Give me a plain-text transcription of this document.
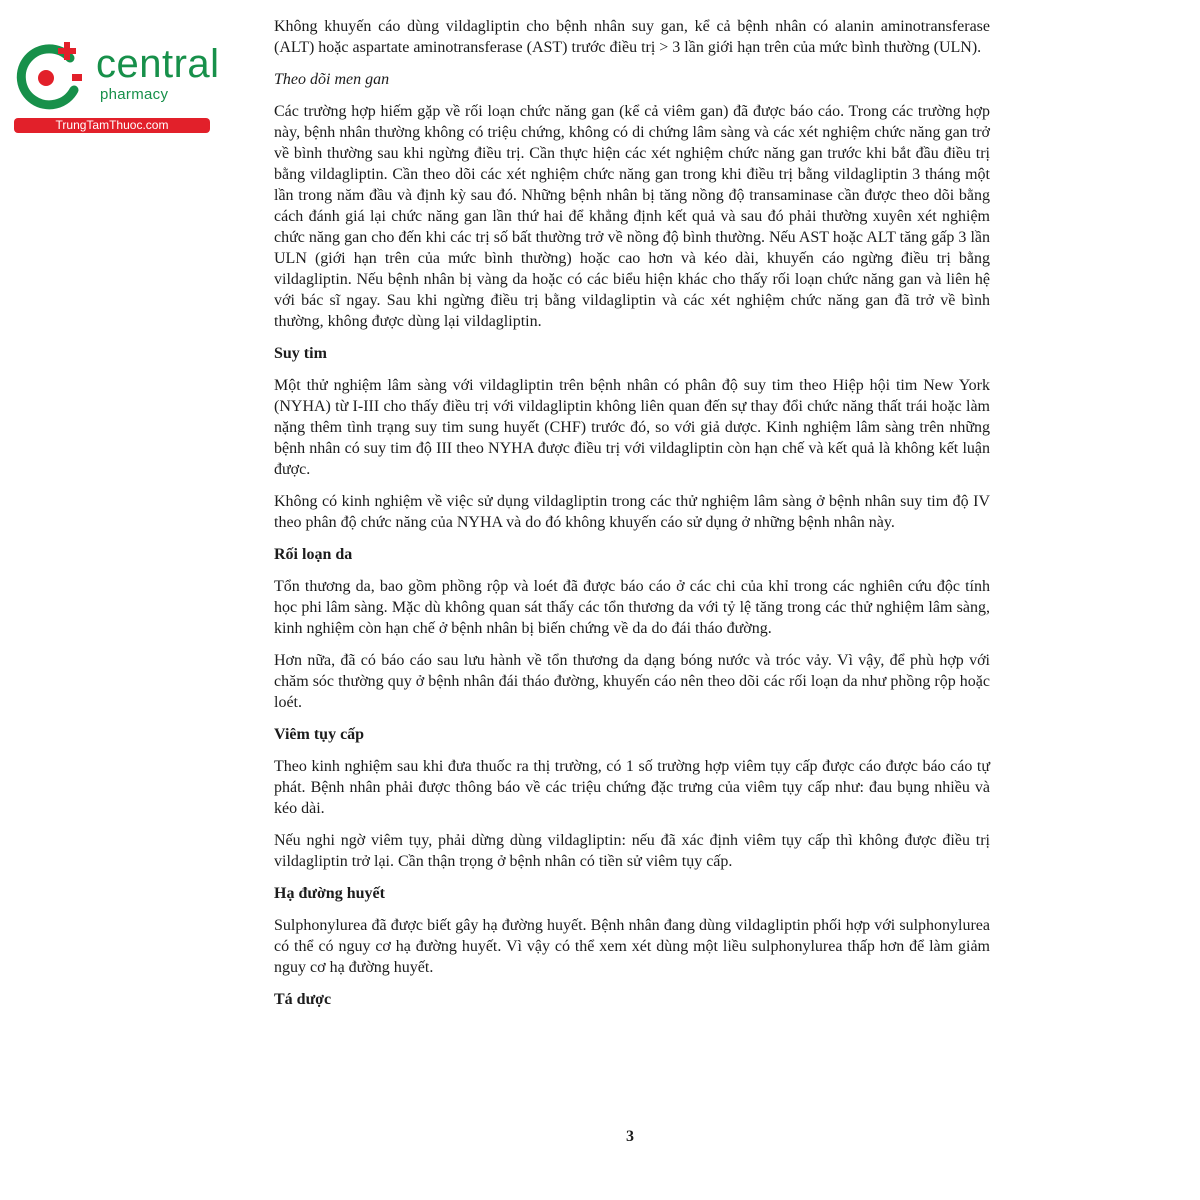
central
pharmacy
TrungTamThuoc.com

Không khuyến cáo dùng vildagliptin cho bệnh nhân suy gan, kể cả bệnh nhân có alanin aminotransferase (ALT) hoặc aspartate aminotransferase (AST) trước điều trị > 3 lần giới hạn trên của mức bình thường (ULN).

Theo dõi men gan

Các trường hợp hiếm gặp về rối loạn chức năng gan (kể cả viêm gan) đã được báo cáo. Trong các trường hợp này, bệnh nhân thường không có triệu chứng, không có di chứng lâm sàng và các xét nghiệm chức năng gan trở về bình thường sau khi ngừng điều trị. Cần thực hiện các xét nghiệm chức năng gan trước khi bắt đầu điều trị bằng vildagliptin. Cần theo dõi các xét nghiệm chức năng gan trong khi điều trị bằng vildagliptin 3 tháng một lần trong năm đầu và định kỳ sau đó. Những bệnh nhân bị tăng nồng độ transaminase cần được theo dõi bằng cách đánh giá lại chức năng gan lần thứ hai để khẳng định kết quả và sau đó phải thường xuyên xét nghiệm chức năng gan cho đến khi các trị số bất thường trở về nồng độ bình thường. Nếu AST hoặc ALT tăng gấp 3 lần ULN (giới hạn trên của mức bình thường) hoặc cao hơn và kéo dài, khuyến cáo ngừng điều trị bằng vildagliptin. Nếu bệnh nhân bị vàng da hoặc có các biểu hiện khác cho thấy rối loạn chức năng gan và liên hệ với bác sĩ ngay. Sau khi ngừng điều trị bằng vildagliptin và các xét nghiệm chức năng gan đã trở về bình thường, không được dùng lại vildagliptin.

Suy tim

Một thử nghiệm lâm sàng với vildagliptin trên bệnh nhân có phân độ suy tim theo Hiệp hội tim New York (NYHA) từ I-III cho thấy điều trị với vildagliptin không liên quan đến sự thay đổi chức năng thất trái hoặc làm nặng thêm tình trạng suy tim sung huyết (CHF) trước đó, so với giả dược. Kinh nghiệm lâm sàng trên những bệnh nhân có suy tim độ III theo NYHA được điều trị với vildagliptin còn hạn chế và kết quả là không kết luận được.

Không có kinh nghiệm về việc sử dụng vildagliptin trong các thử nghiệm lâm sàng ở bệnh nhân suy tim độ IV theo phân độ chức năng của NYHA và do đó không khuyến cáo sử dụng ở những bệnh nhân này.

Rối loạn da

Tổn thương da, bao gồm phồng rộp và loét đã được báo cáo ở các chi của khỉ trong các nghiên cứu độc tính học phi lâm sàng. Mặc dù không quan sát thấy các tổn thương da với tỷ lệ tăng trong các thử nghiệm lâm sàng, kinh nghiệm còn hạn chế ở bệnh nhân bị biến chứng về da do đái tháo đường.

Hơn nữa, đã có báo cáo sau lưu hành về tổn thương da dạng bóng nước và tróc vảy. Vì vậy, để phù hợp với chăm sóc thường quy ở bệnh nhân đái tháo đường, khuyến cáo nên theo dõi các rối loạn da như phồng rộp hoặc loét.

Viêm tụy cấp

Theo kinh nghiệm sau khi đưa thuốc ra thị trường, có 1 số trường hợp viêm tụy cấp được cáo được báo cáo tự phát. Bệnh nhân phải được thông báo về các triệu chứng đặc trưng của viêm tụy cấp như: đau bụng nhiều và kéo dài.

Nếu nghi ngờ viêm tụy, phải dừng dùng vildagliptin: nếu đã xác định viêm tụy cấp thì không được điều trị vildagliptin trở lại. Cần thận trọng ở bệnh nhân có tiền sử viêm tụy cấp.

Hạ đường huyết

Sulphonylurea đã được biết gây hạ đường huyết. Bệnh nhân đang dùng vildagliptin phối hợp với sulphonylurea có thể có nguy cơ hạ đường huyết. Vì vậy có thể xem xét dùng một liều sulphonylurea thấp hơn để làm giảm nguy cơ hạ đường huyết.

Tá dược

3
